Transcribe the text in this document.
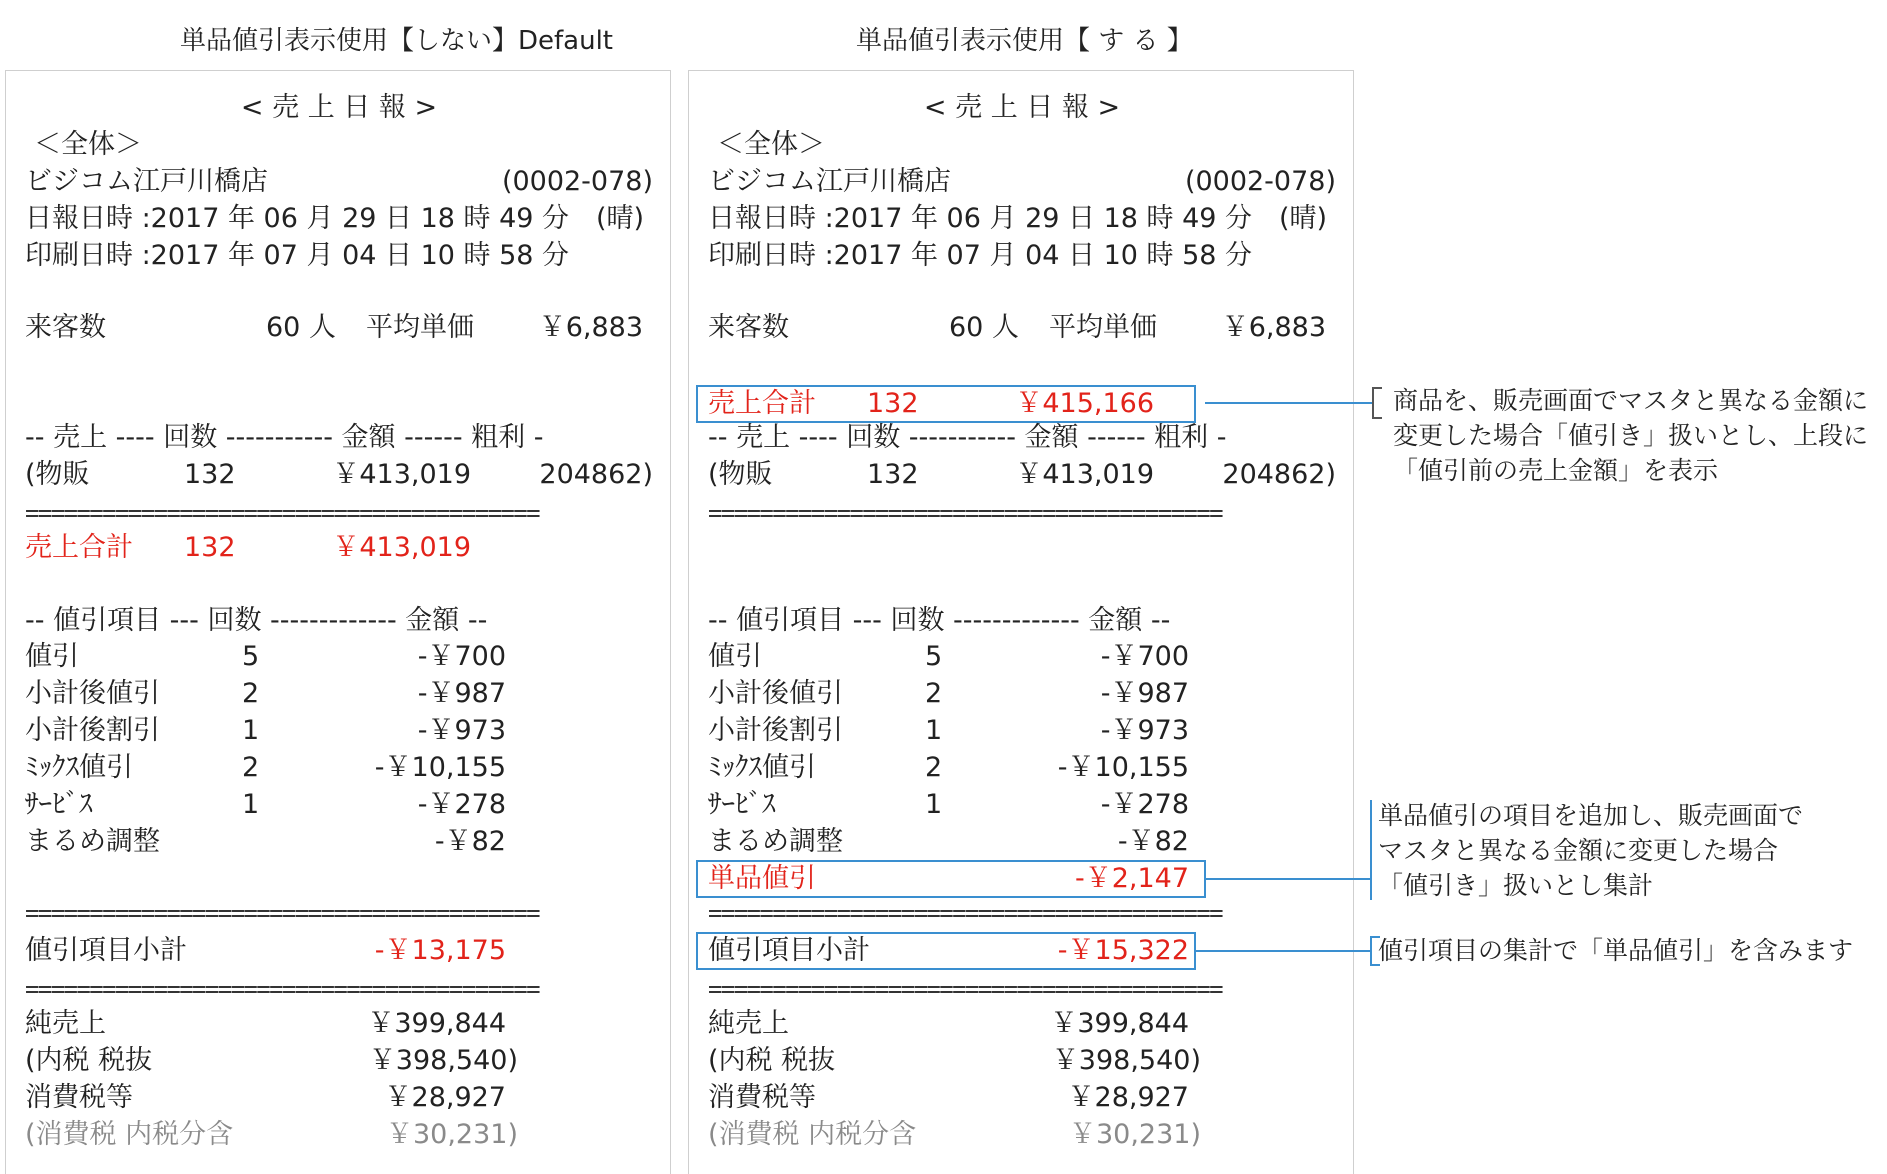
単品値引表示使用【しない】Default	単品値引表示使用【 す る 】
< 売 上 日 報 >
＜全体＞
ビジコム江戸川橋店	(0002-078)
日報日時 :2017 年 06 月 29 日 18 時 49 分 (晴)
印刷日時 :2017 年 07 月 04 日 10 時 58 分
来客数	60 人 平均単価	￥6,883
-- 売上 ---- 回数 ----------- 金額 ------ 粗利 -
(物販	132	￥413,019	204862)
========================================
売上合計 132	￥413,019
-- 値引項目 --- 回数 ------------- 金額 --
値引	5	-￥700
小計後値引	2	-￥987
小計後割引	1	-￥973
ﾐｯｸｽ値引	2	-￥10,155
ｻｰﾋﾞｽ	1	-￥278
まるめ調整	-￥82
========================================
値引項目小計	-￥13,175
========================================
純売上	￥399,844
(内税 税抜	￥398,540)
消費税等	￥28,927
(消費税 内税分含	￥30,231)
< 売 上 日 報 >
＜全体＞
ビジコム江戸川橋店	(0002-078)
日報日時 :2017 年 06 月 29 日 18 時 49 分 (晴)
印刷日時 :2017 年 07 月 04 日 10 時 58 分
来客数	60 人 平均単価	￥6,883
売上合計 132	￥415,166
-- 売上 ---- 回数 ----------- 金額 ------ 粗利 -
(物販	132	￥413,019	204862)
========================================
-- 値引項目 --- 回数 ------------- 金額 --
値引	5	-￥700
小計後値引	2	-￥987
小計後割引	1	-￥973
ﾐｯｸｽ値引	2	-￥10,155
ｻｰﾋﾞｽ	1	-￥278
まるめ調整	-￥82
単品値引	-￥2,147
========================================
値引項目小計	-￥15,322
========================================
純売上	￥399,844
(内税 税抜	￥398,540)
消費税等	￥28,927
(消費税 内税分含	￥30,231)
商品を、販売画面でマスタと異なる金額に
変更した場合「値引き」扱いとし、上段に
「値引前の売上金額」を表示
単品値引の項目を追加し、販売画面で
マスタと異なる金額に変更した場合
「値引き」扱いとし集計
値引項目の集計で「単品値引」を含みます
